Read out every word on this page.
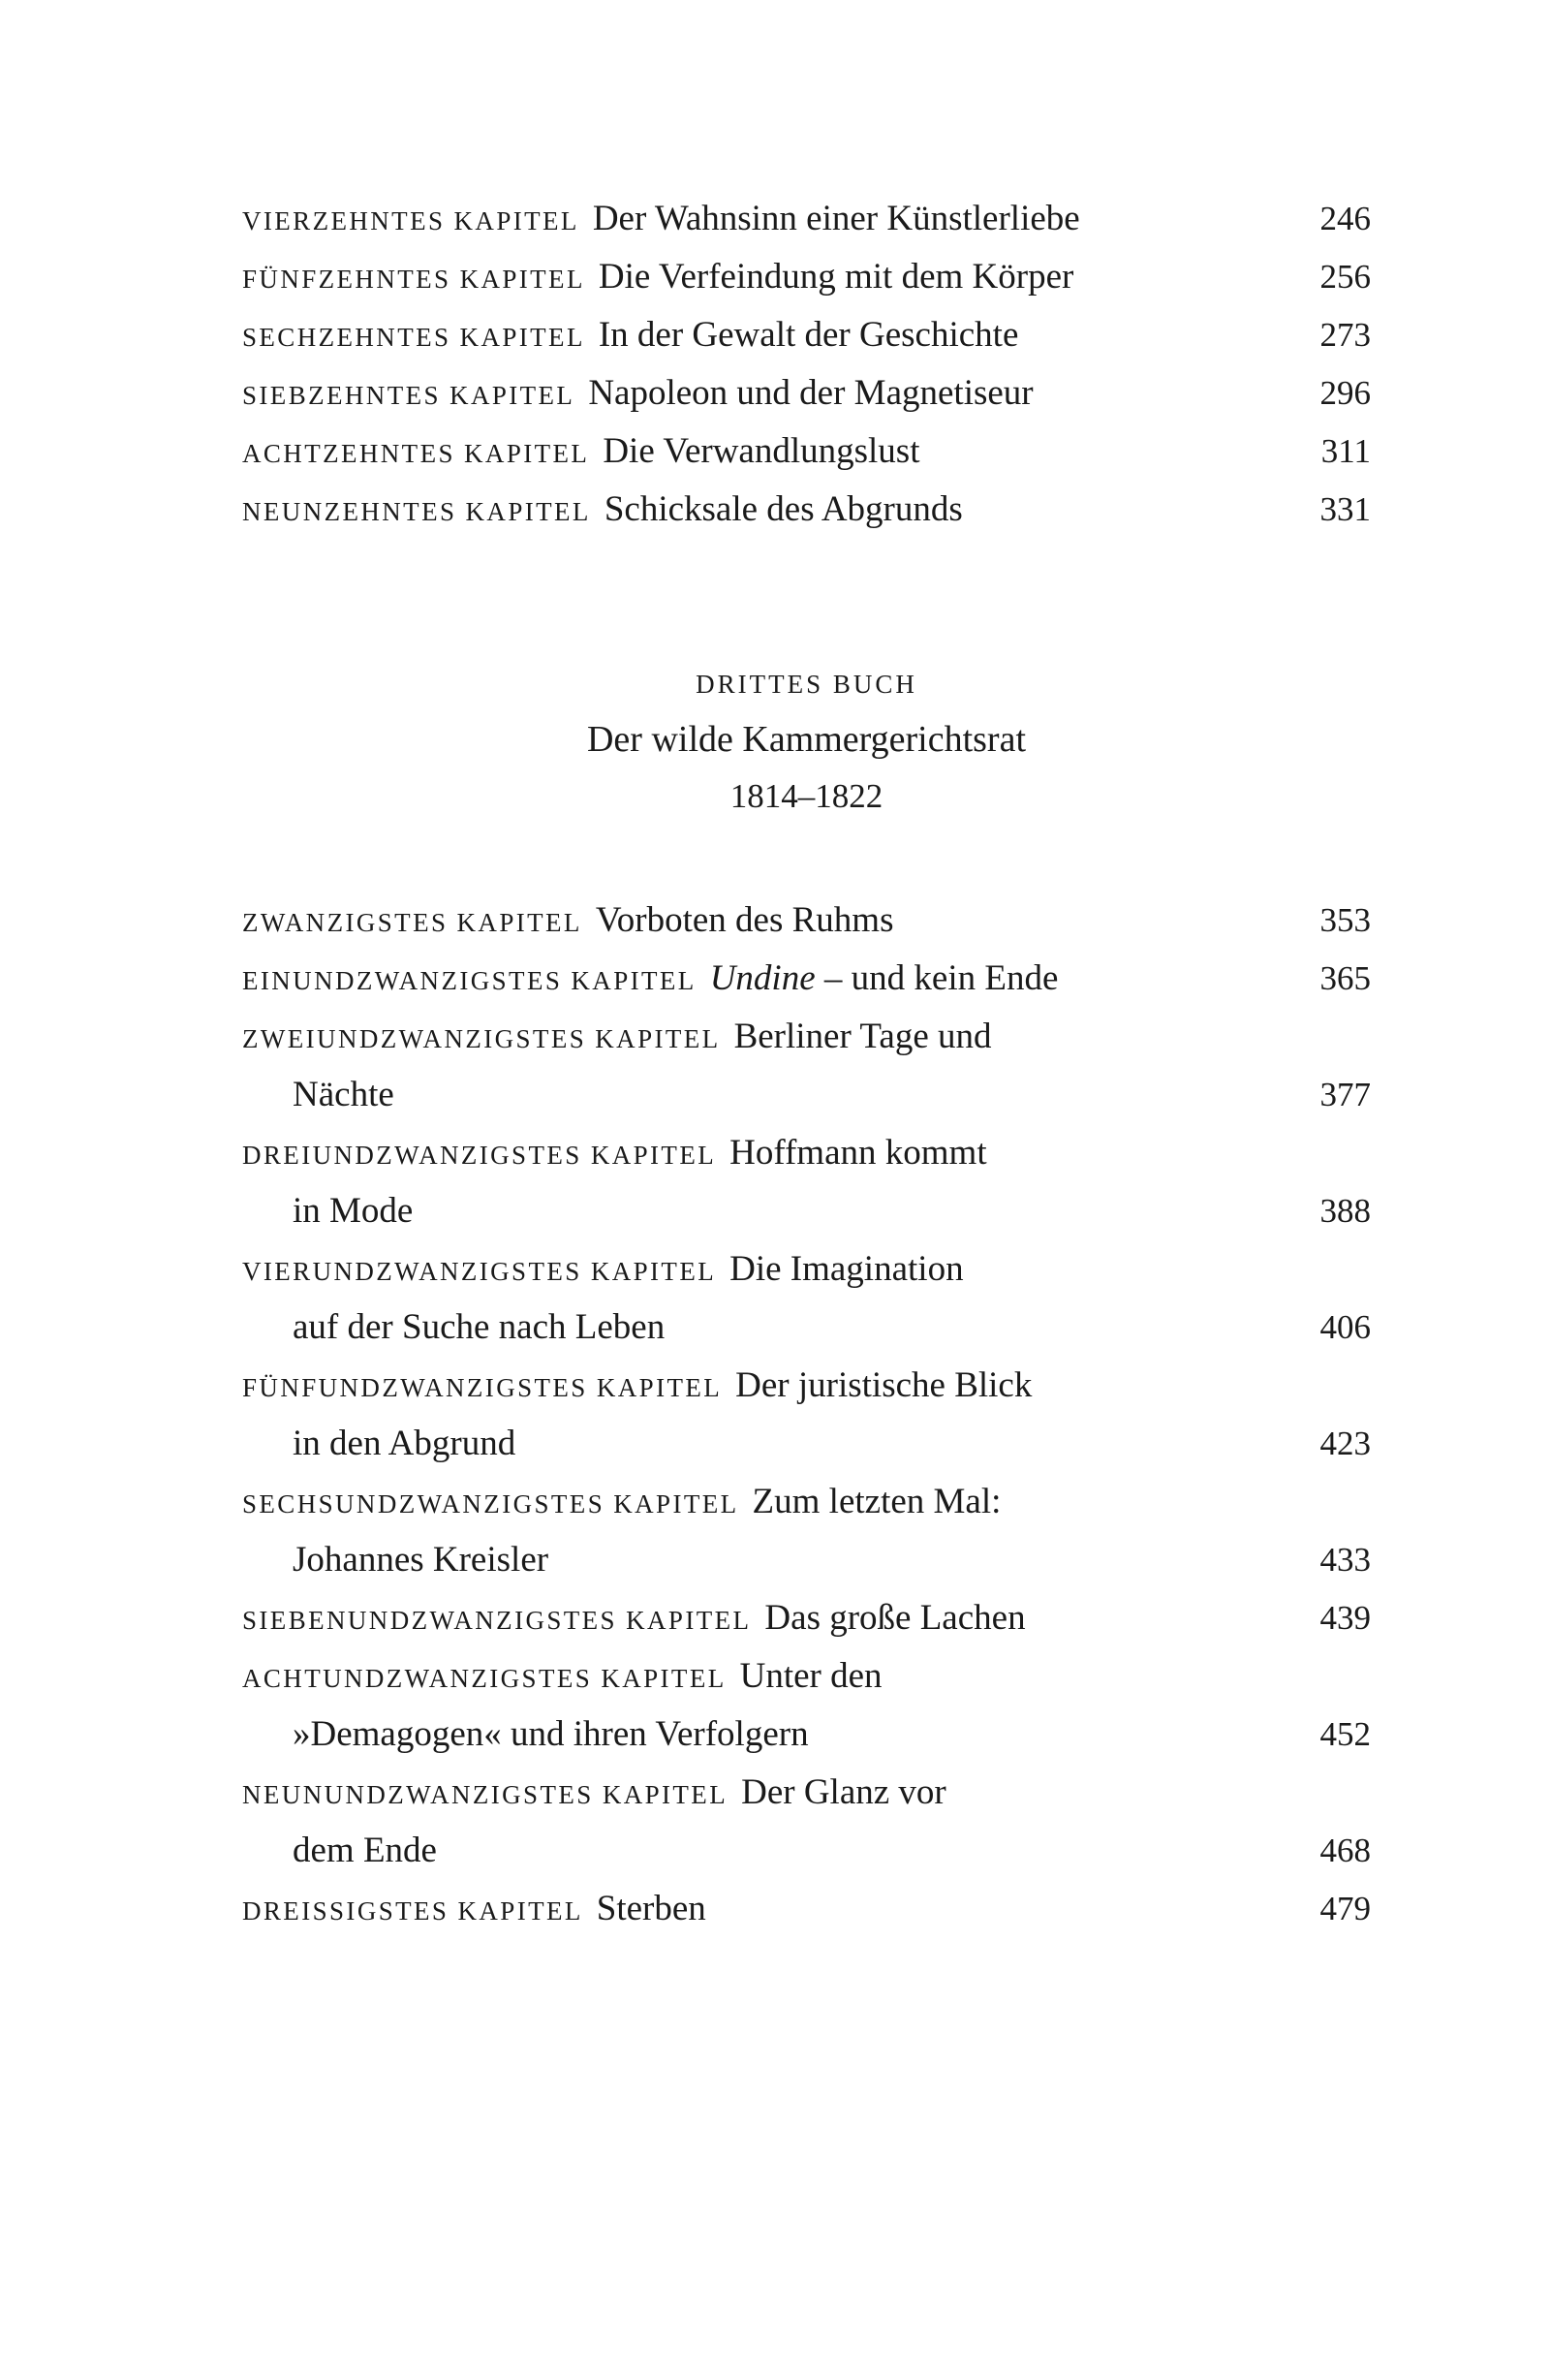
VIERZEHNTES KAPITEL Der Wahnsinn einer Künstlerliebe	246
FÜNFZEHNTES KAPITEL Die Verfeindung mit dem Körper	256
SECHZEHNTES KAPITEL In der Gewalt der Geschichte	273
SIEBZEHNTES KAPITEL Napoleon und der Magnetiseur	296
ACHTZEHNTES KAPITEL Die Verwandlungslust	311
NEUNZEHNTES KAPITEL Schicksale des Abgrunds	331
DRITTES BUCH
Der wilde Kammergerichtsrat
1814–1822
ZWANZIGSTES KAPITEL Vorboten des Ruhms	353
EINUNDZWANZIGSTES KAPITEL Undine – und kein Ende	365
ZWEIUNDZWANZIGSTES KAPITEL Berliner Tage und
Nächte	377
DREIUNDZWANZIGSTES KAPITEL Hoffmann kommt
in Mode	388
VIERUNDZWANZIGSTES KAPITEL Die Imagination
auf der Suche nach Leben	406
FÜNFUNDZWANZIGSTES KAPITEL Der juristische Blick
in den Abgrund	423
SECHSUNDZWANZIGSTES KAPITEL Zum letzten Mal:
Johannes Kreisler	433
SIEBENUNDZWANZIGSTES KAPITEL Das große Lachen	439
ACHTUNDZWANZIGSTES KAPITEL Unter den
»Demagogen« und ihren Verfolgern	452
NEUNUNDZWANZIGSTES KAPITEL Der Glanz vor
dem Ende	468
DREISSIGSTES KAPITEL Sterben	479
